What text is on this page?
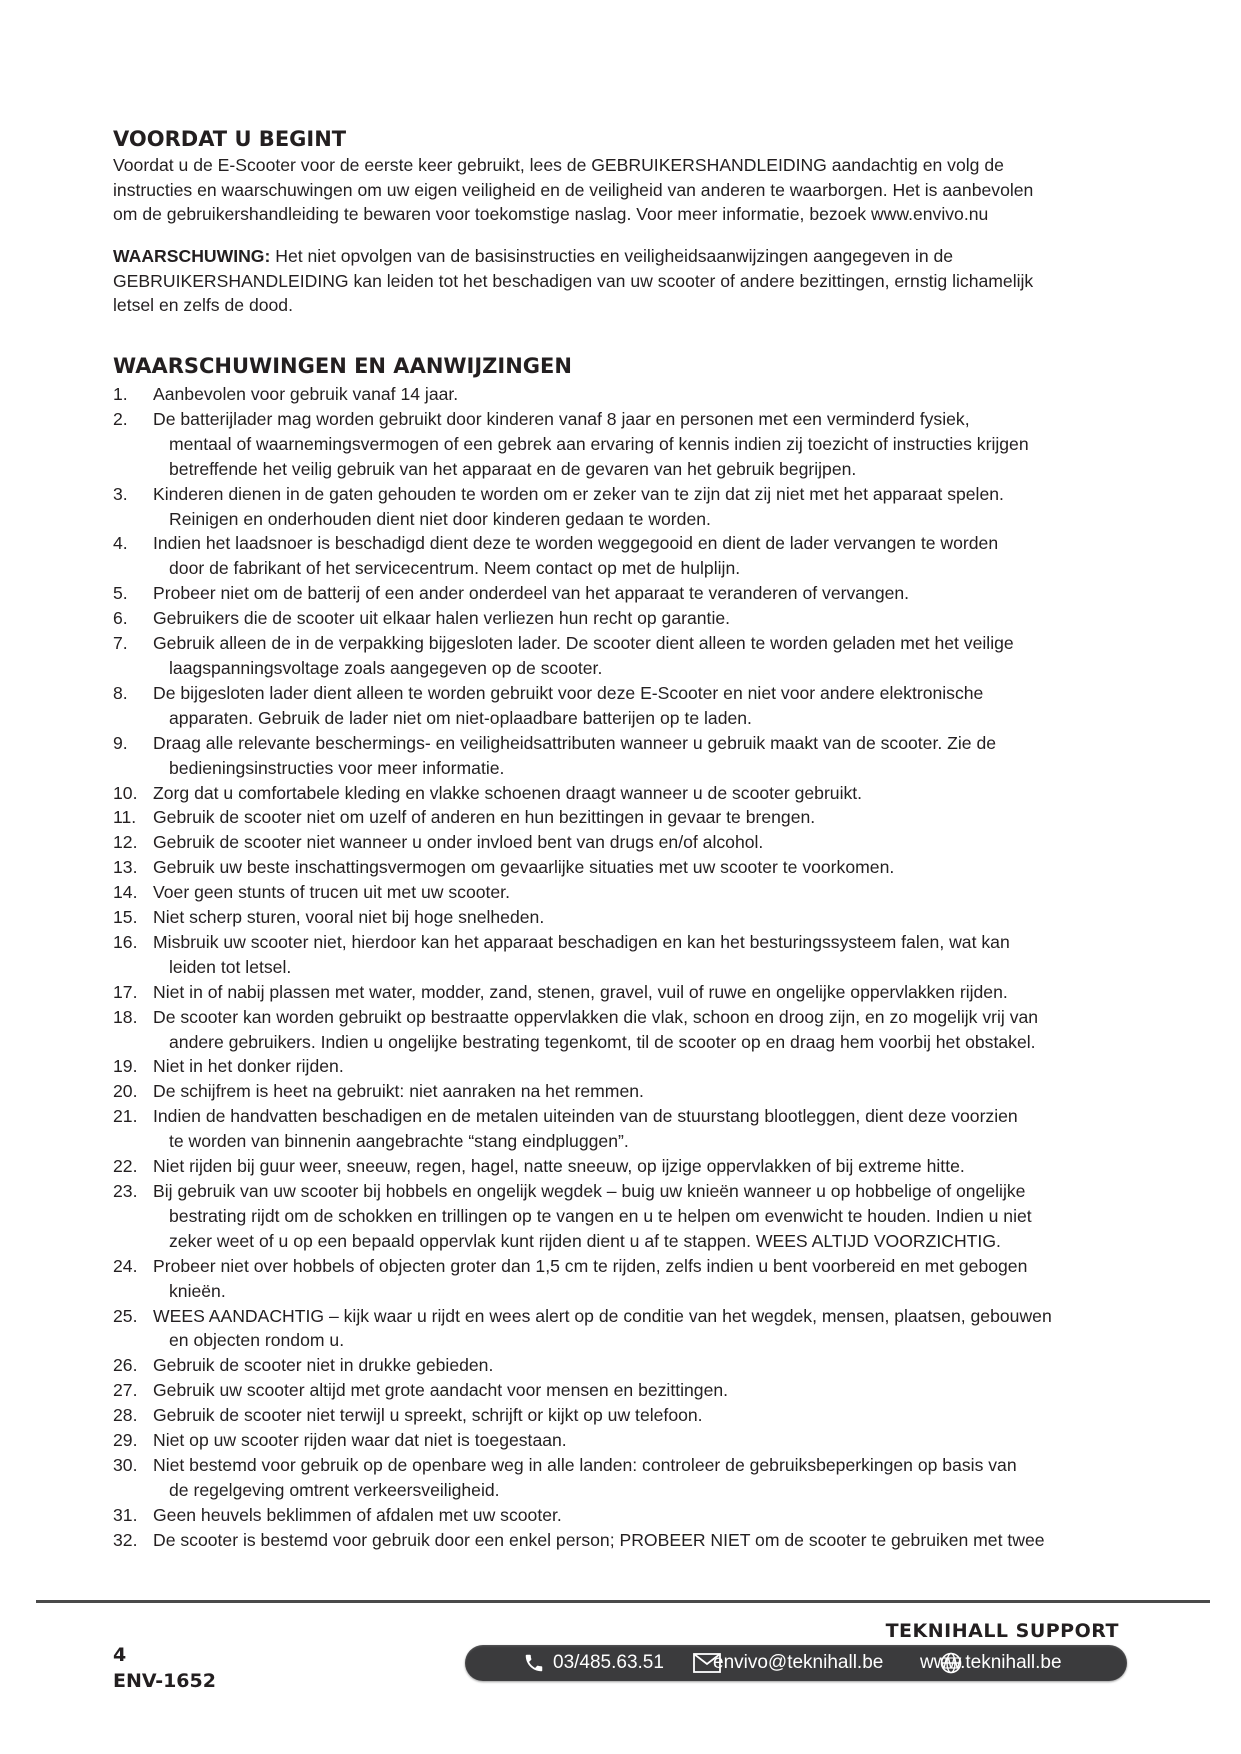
VOORDAT U BEGINT

Voordat u de E-Scooter voor de eerste keer gebruikt, lees de GEBRUIKERSHANDLEIDING aandachtig en volg de
instructies en waarschuwingen om uw eigen veiligheid en de veiligheid van anderen te waarborgen. Het is aanbevolen
om de gebruikershandleiding te bewaren voor toekomstige naslag. Voor meer informatie, bezoek www.envivo.nu

WAARSCHUWING: Het niet opvolgen van de basisinstructies en veiligheidsaanwijzingen aangegeven in de
GEBRUIKERSHANDLEIDING kan leiden tot het beschadigen van uw scooter of andere bezittingen, ernstig lichamelijk
letsel en zelfs de dood.

WAARSCHUWINGEN EN AANWIJZINGEN
1. Aanbevolen voor gebruik vanaf 14 jaar.
2. De batterijlader mag worden gebruikt door kinderen vanaf 8 jaar en personen met een verminderd fysiek,
mentaal of waarnemingsvermogen of een gebrek aan ervaring of kennis indien zij toezicht of instructies krijgen
betreffende het veilig gebruik van het apparaat en de gevaren van het gebruik begrijpen.
3. Kinderen dienen in de gaten gehouden te worden om er zeker van te zijn dat zij niet met het apparaat spelen.
Reinigen en onderhouden dient niet door kinderen gedaan te worden.
4. Indien het laadsnoer is beschadigd dient deze te worden weggegooid en dient de lader vervangen te worden
door de fabrikant of het servicecentrum. Neem contact op met de hulplijn.
5. Probeer niet om de batterij of een ander onderdeel van het apparaat te veranderen of vervangen.
6. Gebruikers die de scooter uit elkaar halen verliezen hun recht op garantie.
7. Gebruik alleen de in de verpakking bijgesloten lader. De scooter dient alleen te worden geladen met het veilige
laagspanningsvoltage zoals aangegeven op de scooter.
8. De bijgesloten lader dient alleen te worden gebruikt voor deze E-Scooter en niet voor andere elektronische
apparaten. Gebruik de lader niet om niet-oplaadbare batterijen op te laden.
9. Draag alle relevante beschermings- en veiligheidsattributen wanneer u gebruik maakt van de scooter. Zie de
bedieningsinstructies voor meer informatie.
10. Zorg dat u comfortabele kleding en vlakke schoenen draagt wanneer u de scooter gebruikt.
11. Gebruik de scooter niet om uzelf of anderen en hun bezittingen in gevaar te brengen.
12. Gebruik de scooter niet wanneer u onder invloed bent van drugs en/of alcohol.
13. Gebruik uw beste inschattingsvermogen om gevaarlijke situaties met uw scooter te voorkomen.
14. Voer geen stunts of trucen uit met uw scooter.
15. Niet scherp sturen, vooral niet bij hoge snelheden.
16. Misbruik uw scooter niet, hierdoor kan het apparaat beschadigen en kan het besturingssysteem falen, wat kan
leiden tot letsel.
17. Niet in of nabij plassen met water, modder, zand, stenen, gravel, vuil of ruwe en ongelijke oppervlakken rijden.
18. De scooter kan worden gebruikt op bestraatte oppervlakken die vlak, schoon en droog zijn, en zo mogelijk vrij van
andere gebruikers. Indien u ongelijke bestrating tegenkomt, til de scooter op en draag hem voorbij het obstakel.
19. Niet in het donker rijden.
20. De schijfrem is heet na gebruikt: niet aanraken na het remmen.
21. Indien de handvatten beschadigen en de metalen uiteinden van de stuurstang blootleggen, dient deze voorzien
te worden van binnenin aangebrachte “stang eindpluggen”.
22. Niet rijden bij guur weer, sneeuw, regen, hagel, natte sneeuw, op ijzige oppervlakken of bij extreme hitte.
23. Bij gebruik van uw scooter bij hobbels en ongelijk wegdek – buig uw knieën wanneer u op hobbelige of ongelijke
bestrating rijdt om de schokken en trillingen op te vangen en u te helpen om evenwicht te houden. Indien u niet
zeker weet of u op een bepaald oppervlak kunt rijden dient u af te stappen. WEES ALTIJD VOORZICHTIG.
24. Probeer niet over hobbels of objecten groter dan 1,5 cm te rijden, zelfs indien u bent voorbereid en met gebogen
knieën.
25. WEES AANDACHTIG – kijk waar u rijdt en wees alert op de conditie van het wegdek, mensen, plaatsen, gebouwen
en objecten rondom u.
26. Gebruik de scooter niet in drukke gebieden.
27. Gebruik uw scooter altijd met grote aandacht voor mensen en bezittingen.
28. Gebruik de scooter niet terwijl u spreekt, schrijft or kijkt op uw telefoon.
29. Niet op uw scooter rijden waar dat niet is toegestaan.
30. Niet bestemd voor gebruik op de openbare weg in alle landen: controleer de gebruiksbeperkingen op basis van
de regelgeving omtrent verkeersveiligheid.
31. Geen heuvels beklimmen of afdalen met uw scooter.
32. De scooter is bestemd voor gebruik door een enkel person; PROBEER NIET om de scooter te gebruiken met twee
4
ENV-1652
TEKNIHALL SUPPORT
03/485.63.51	envivo@teknihall.be www.teknihall.be
